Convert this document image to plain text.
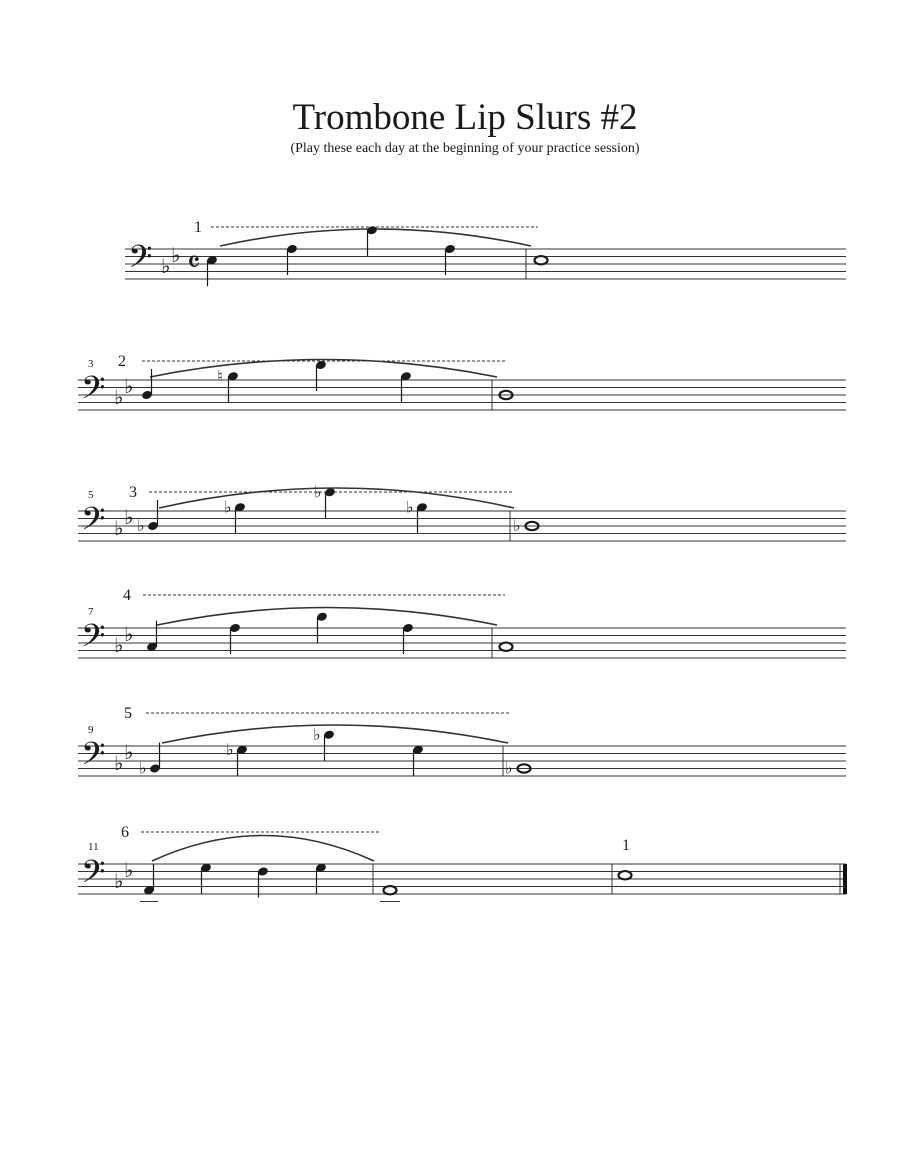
Trombone Lip Slurs #2
(Play these each day at the beginning of your practice session)
𝄢 ♭
♭ 𝄴
1
𝄢 ♭
♭
3 2
♮
𝄢 ♭
♭
5 3
♭
♭
♭
♭
♭
𝄢 ♭
♭
7
4
𝄢 ♭
♭
9
5
♭
♭
♭
♭
𝄢 ♭
♭
11
6
1
